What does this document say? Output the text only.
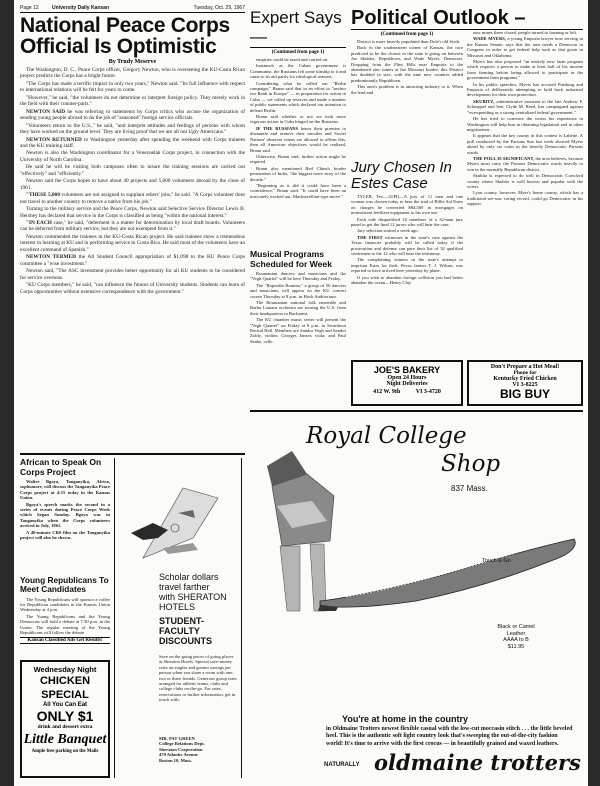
Page 12	University Daily Kansan	Tuesday, Oct. 29, 1967
National Peace Corps Official Is Optimistic
By Trudy Meserve

The Washington, D. C., Peace Corps officer, Gregory Newton, who is overseeing the KU-Costa Rican project predicts the Corps has a bright future.

"The Corps has made a terrific impact in only two years," Newton said. "Its full influence with respect to international relations will be felt for years to come.

"However," he said, "the volunteers do not determine or interpret foreign policy. They merely work in the field with their counter-parts."

NEWTON SAID he was referring to statements by Corps critics who accuse the organization of sending young people abroad to do the job of "seasoned" foreign service officials.

"Volunteers return to the U.S.," he said, "and interpret attitudes and feelings of persons with whom they have worked on the ground level. They are living proof that we are all not Ugly Americans."

NEWTON RETURNED to Washington yesterday after spending the weekend with Corps trainees and the KU training staff.

Newton is also the Washington coordinator for a Venezuelan Corps project, in connection with the University of North Carolina.

He said he will be visiting both campuses often to insure the training sessions are carried out "effectively" and "efficiently."

Newton said the Corps hopes to have about 40 projects and 5,000 volunteers abroad by the close of 1961.

"THESE 5,000 volunteers are not assigned to supplant others' jobs," he said. "A Corps volunteer does not travel to another country to remove a native from his job."

Turning to the military service and the Peace Corps, Newton said Selective Service Director Lewis B. Hershey has declared that service in the Corps is classified as being "within the national interest."

"IN EACH case," he said, "deferment is a matter for determination by local draft boards. Volunteers can be deferred from military service, but they are not exempted from it."

Newton commended the trainees in the KU-Costa Rican project. He said trainees show a tremendous interest in learning at KU and in performing service in Costa Rica. He said most of the volunteers have an excellent command of Spanish."

NEWTON TERMED the All Student Council appropriation of $1,098 to the KU Peace Corps committee a "wise investment."

Newton said, "The ASC investment provides better opportunity for all KU students to be considered for service overseas.

"KU Corps members," he said, "can influence the futures of University students. Students can learn of Corps opportunities without extensive correspondence with the government."

Expert Says —
(Continued from page 1)

emptries could be taxed and carried on.

Inasmuch as the Cuban government is Communist, the Russians felt some kinship to it and came to its aid partly for ideological reasons.

Considering what he called our "Berlin campaign," Brann said that in an effort to "anchor our Bank in Europe" — in preparation for action in Cuba — we called up reserves and made a number of public statements which declared our intention to defend Berlin.

Brann said whether or not we took more vigorous action in Cuba hinged on the Russians.

IF THE RUSSIANS honor their promise to dismantle and remove their missiles and Soviet Nations' observer teams are allowed to affirm this, then all American objectives would be realized, Brann said.

Otherwise, Brann said, further action might be required.

Brann also mentioned Red China's border penetration of India, "the biggest news story of the decade."

"Beginning as it did it could have been a coincidence," Brann said. "It could have been an intricately worked out, Machiavellian-type move."

Musical Programs Scheduled for Week

Roumanian dancers and musicians and the "Vegh Quartet" will be here Thursday and Friday.

The "Rapsodia Romina," a group of 50 dancers and musicians, will appear on the KU concert course Thursday at 8 p.m. in Hoch Auditorium.

The Roumanian national folk ensemble and Barbu Lautaru orchestra are touring the U.S. from their headquarters in Bucharest.

The KU chamber music series will present the "Vegh Quartet" on Friday at 8 p.m. in Swarthout Recital Hall. Members are Sandor Vegh and Sandor Zoldy, violins; Georges Janzer, viola; and Paul Szabo, cello.

Political Outlook –
(Continued from page 1)

District is more heavily populated than Dole's old Sixth.

Back in the southeastern corner of Kansas, the race predicted to be the closest in the state is going on between Joe Skubitz, Republican, and Wade Myers, Democrat. Dropping from the Flint Hills near Emporia to the abandoned zinc mines at the Missouri border, this District has doubled in size, with the nine new counties added predominantly Republican.

This area's problem is in attracting industry to it. When the lead and

zinc mines there closed, people turned to farming or left.

WADE MYERS, a young Emporia lawyer now serving in the Kansas Senate, says that the area needs a Democrat in Congress in order to get federal help such as that given in Missouri and Oklahoma.

Myers has also proposed "an entirely new farm program which requires a person to make at least half of his income from farming before being allowed to participate in the government farm programs."

In his public speeches, Myers has accused Pittsburg and Emporia of deliberately attempting to hold back industrial development for their own protection.

SKUBITZ, administrative assistant to the late Andrew F. Schoeppel and Sen. Clyde M. Reed, has campaigned against "overspending as a strong centralized federal government."

He has tried to convince the voters his experience in Washington will help him in obtaining legislation and in other negotiations.

It appears that the key county in this contest is Labette. A poll conducted by the Parsons Sun last week showed Myers ahead by only six votes in the heavily Democratic Parsons wards.

THE POLL IS SIGNIFICANT, the area believes, because Myers must carry the Parsons Democratic wards heavily to win in the normally Republican district.

Skubitz is expected to do well in Democratic Crawford county where Skubitz is well known and popular with the voters.

Lyon county, however, Myer's home county, which has a traditional see-saw voting record, could go Democratic in his support.

Jury Chosen In Estes Case

TYLER, Tex.—(UPI)—A jury of 11 men and one woman was chosen today to hear the trial of Billie Sol Estes on charges he converted $84,500 in mortgages on nonexistent fertilizer equipment to his own use.

Each side disqualified 10 members of a 32-man jury panel to get the final 12 jurors who will hear the case.

Jury selection started a week ago.

THE FIRST witnesses in the state's case against the Texas financier probably will be called today if the prosecution and defense can pare their list of 32 qualified veniremen to the 12 who will hear the testimony.

The complaining witness in the state's attempt to imprison Estes for theft, Pecos farmer T. J. Wilson, was reported to have arrived here yesterday by plane.

If you wish to abandon foreign collision you had better abandon the ocean—Henry Clay

JOE'S BAKERY
Open 24 Hours
Night Deliveries
412 W. 9th	VI 3-4720
Don't Prepare a Hot Meal!
Phone for
Kentucky Fried Chicken
VI 3-8225
BIG BUY
African to Speak On Corps Project

Walter Bgoya, Tanganyika, Africa, sophomore, will discuss the Tanganyika Peace Corps project at 4:15 today in the Kansas Union.

Bgoya's speech marks the second in a series of events during Peace Corps Week which began Sunday. Bgoya was in Tanganyika when the Corps volunteers arrived in July, 1961.

A 40-minute CBS film on the Tanganyika project will also be shown.

Young Republicans To Meet Candidates

The Young Republicans will sponsor a coffee for Republican candidates in the Kansas Union Wednesday at 4 p.m.

The Young Republicans and the Young Democrats will hold a debate at 7:30 p.m. in the Union. The regular meeting of the Young Republicans will follow the debate.

Kansan Classified Ads Get Results!
Wednesday Night
CHICKEN SPECIAL
All You Can Eat
ONLY $1
drink and dessert extra
Little Banquet
Ample free parking on the Malls
Scholar dollars
travel farther
with SHERATON
HOTELS
STUDENT-
FACULTY
DISCOUNTS
Save on the going prices of going places at Sheraton Hotels. Special save-money rates on singles and greater savings per person when you share a room with one, two or three friends. Generous group rates arranged for athletic teams, clubs and college clubs on-the-go. For rates, reservations or further information, get in touch with:
MR. PAT GREEN
College Relations Dept.
Sheraton Corporation
470 Atlantic Avenue
Boston 10, Mass.
Royal College
Shop
837 Mass.
Touch & Go
Black or Camel
Leather
AAAA to B
$11.95
You're at home in the country
in Oldmaine Trotters newest flexible casual with the low-cut moccasin stitch . . . the little beveled heel. This is the authentic soft light country look that's sweeping the out-of-the-city fashion world! It's time to arrive with the first crocus — in beautifully grained and waxed leathers.
NATURALLY oldmaine trotters
